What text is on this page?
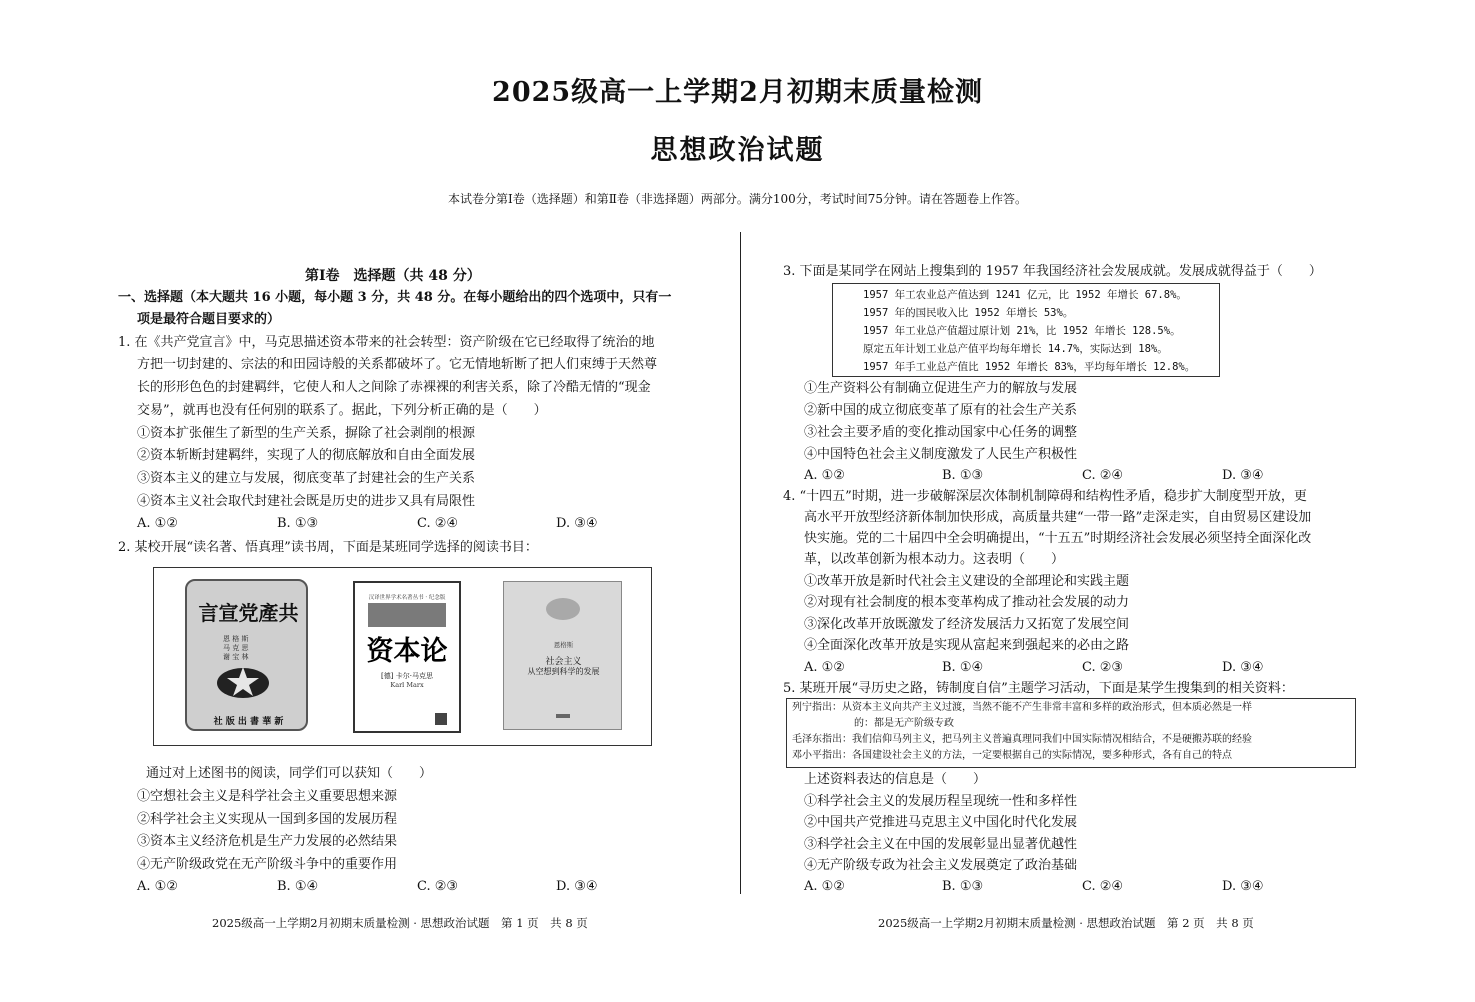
2025级高一上学期2月初期末质量检测
思想政治试题
本试卷分第Ⅰ卷（选择题）和第Ⅱ卷（非选择题）两部分。满分100分，考试时间75分钟。请在答题卷上作答。
第Ⅰ卷　选择题（共 48 分）
一、选择题（本大题共 16 小题，每小题 3 分，共 48 分。在每小题给出的四个选项中，只有一
项是最符合题目要求的）
1. 在《共产党宣言》中，马克思描述资本带来的社会转型：资产阶级在它已经取得了统治的地
方把一切封建的、宗法的和田园诗般的关系都破坏了。它无情地斩断了把人们束缚于天然尊
长的形形色色的封建羁绊，它使人和人之间除了赤裸裸的利害关系，除了冷酷无情的“现金
交易”，就再也没有任何别的联系了。据此，下列分析正确的是（　　）
①资本扩张催生了新型的生产关系，摒除了社会剥削的根源
②资本斩断封建羁绊，实现了人的彻底解放和自由全面发展
③资本主义的建立与发展，彻底变革了封建社会的生产关系
④资本主义社会取代封建社会既是历史的进步又具有局限性
A. ①②	B. ①③	C. ②④	D. ③④
2. 某校开展“读名著、悟真理”读书周，下面是某班同学选择的阅读书目：
言宣党產共
恩 格 斯
马 克 思
谢 宝 林
社 版 出 書 華 新
汉译世界学术名著丛书 · 纪念版
资本论
[德] 卡尔·马克思
Karl Marx
恩格斯
社会主义
从空想到科学的发展
通过对上述图书的阅读，同学们可以获知（　　）
①空想社会主义是科学社会主义重要思想来源
②科学社会主义实现从一国到多国的发展历程
③资本主义经济危机是生产力发展的必然结果
④无产阶级政党在无产阶级斗争中的重要作用
A. ①②	B. ①④	C. ②③	D. ③④
3. 下面是某同学在网站上搜集到的 1957 年我国经济社会发展成就。发展成就得益于（　　）
1957 年工农业总产值达到 1241 亿元，比 1952 年增长 67.8%。
1957 年的国民收入比 1952 年增长 53%。
1957 年工业总产值超过原计划 21%，比 1952 年增长 128.5%。
原定五年计划工业总产值平均每年增长 14.7%，实际达到 18%。
1957 年手工业总产值比 1952 年增长 83%，平均每年增长 12.8%。
①生产资料公有制确立促进生产力的解放与发展
②新中国的成立彻底变革了原有的社会生产关系
③社会主要矛盾的变化推动国家中心任务的调整
④中国特色社会主义制度激发了人民生产积极性
A. ①②	B. ①③	C. ②④	D. ③④
4. “十四五”时期，进一步破解深层次体制机制障碍和结构性矛盾，稳步扩大制度型开放，更
高水平开放型经济新体制加快形成，高质量共建“一带一路”走深走实，自由贸易区建设加
快实施。党的二十届四中全会明确提出，“十五五”时期经济社会发展必须坚持全面深化改
革，以改革创新为根本动力。这表明（　　）
①改革开放是新时代社会主义建设的全部理论和实践主题
②对现有社会制度的根本变革构成了推动社会发展的动力
③深化改革开放既激发了经济发展活力又拓宽了发展空间
④全面深化改革开放是实现从富起来到强起来的必由之路
A. ①②	B. ①④	C. ②③	D. ③④
5. 某班开展“寻历史之路，铸制度自信”主题学习活动，下面是某学生搜集到的相关资料：
列宁指出：从资本主义向共产主义过渡，当然不能不产生非常丰富和多样的政治形式，但本质必然是一样
的：都是无产阶级专政
毛泽东指出：我们信仰马列主义，把马列主义普遍真理同我们中国实际情况相结合，不是硬搬苏联的经验
邓小平指出：各国建设社会主义的方法，一定要根据自己的实际情况，要多种形式，各有自己的特点
上述资料表达的信息是（　　）
①科学社会主义的发展历程呈现统一性和多样性
②中国共产党推进马克思主义中国化时代化发展
③科学社会主义在中国的发展彰显出显著优越性
④无产阶级专政为社会主义发展奠定了政治基础
A. ①②	B. ①③	C. ②④	D. ③④
2025级高一上学期2月初期末质量检测 · 思想政治试题　第 1 页　共 8 页	2025级高一上学期2月初期末质量检测 · 思想政治试题　第 2 页　共 8 页
